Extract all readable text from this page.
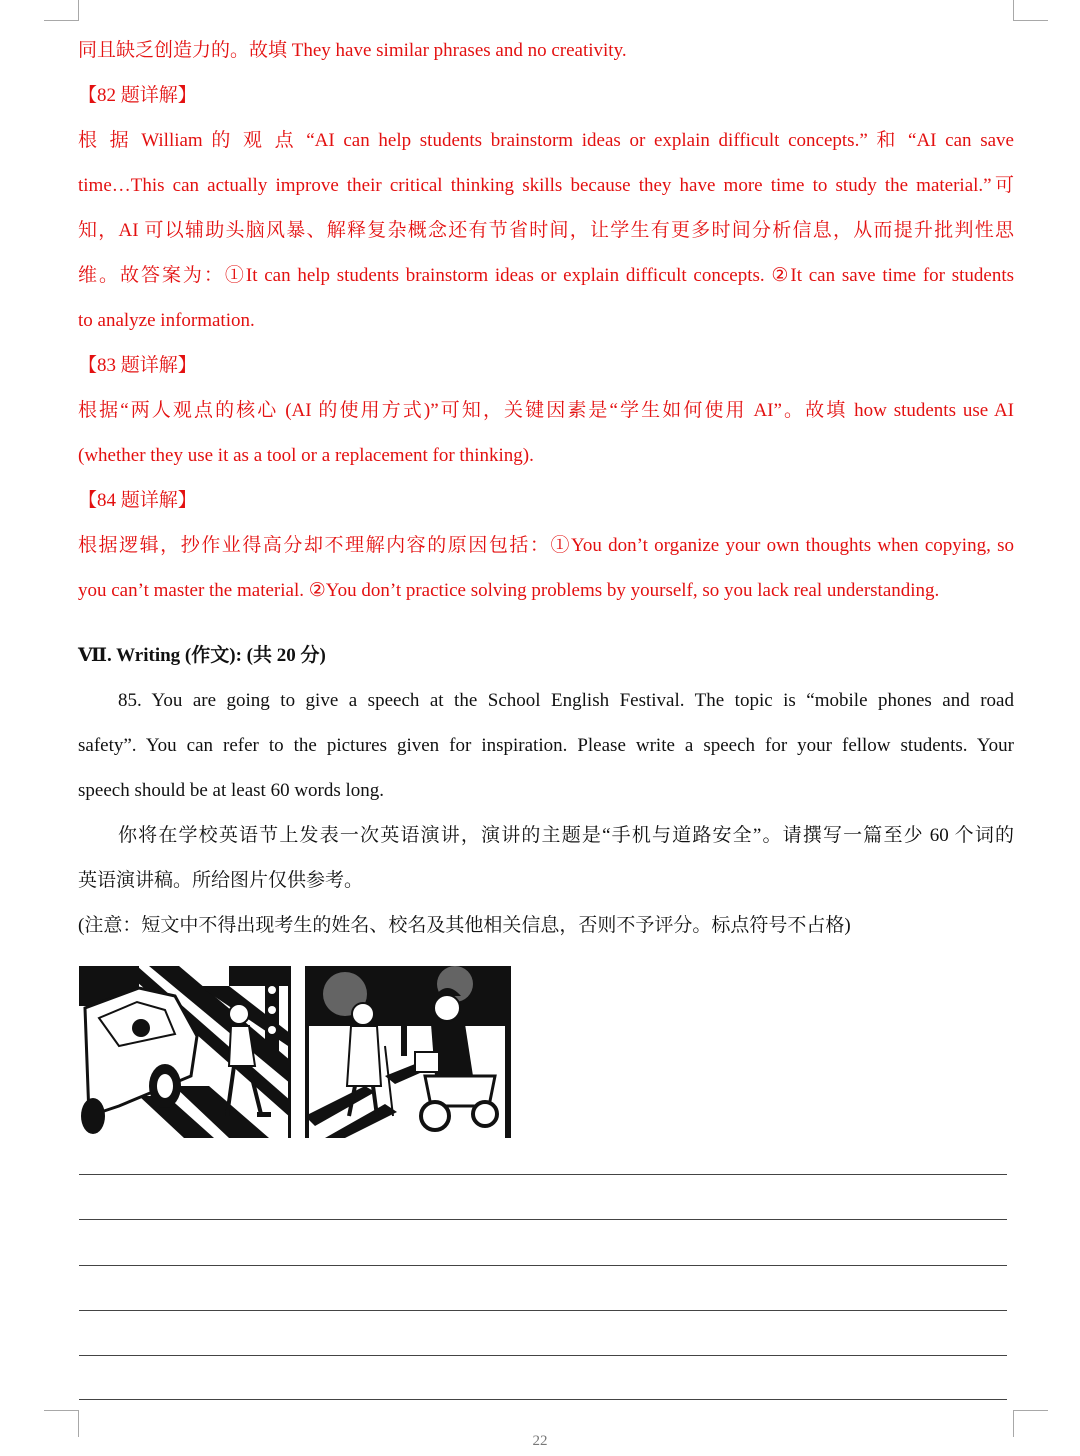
同且缺乏创造力的。故填 They have similar phrases and no creativity.
【82 题详解】
根 据 William 的 观 点 “AI can help students brainstorm ideas or explain difficult concepts.” 和 “AI can save
time…This can actually improve their critical thinking skills because they have more time to study the material.”可
知，AI 可以辅助头脑风暴、解释复杂概念还有节省时间，让学生有更多时间分析信息，从而提升批判性思
维。故答案为：①It can help students brainstorm ideas or explain difficult concepts. ②It can save time for students
to analyze information.
【83 题详解】
根据“两人观点的核心 (AI 的使用方式)”可知，关键因素是“学生如何使用 AI”。故填 how students use AI
(whether they use it as a tool or a replacement for thinking).
【84 题详解】
根据逻辑，抄作业得高分却不理解内容的原因包括：①You don’t organize your own thoughts when copying, so
you can’t master the material. ②You don’t practice solving problems by yourself, so you lack real understanding.
Ⅶ. Writing (作文): (共 20 分)
85. You are going to give a speech at the School English Festival. The topic is “mobile phones and road
safety”. You can refer to the pictures given for inspiration. Please write a speech for your fellow students. Your
speech should be at least 60 words long.
你将在学校英语节上发表一次英语演讲，演讲的主题是“手机与道路安全”。请撰写一篇至少 60 个词的
英语演讲稿。所给图片仅供参考。
(注意：短文中不得出现考生的姓名、校名及其他相关信息，否则不予评分。标点符号不占格)
22
